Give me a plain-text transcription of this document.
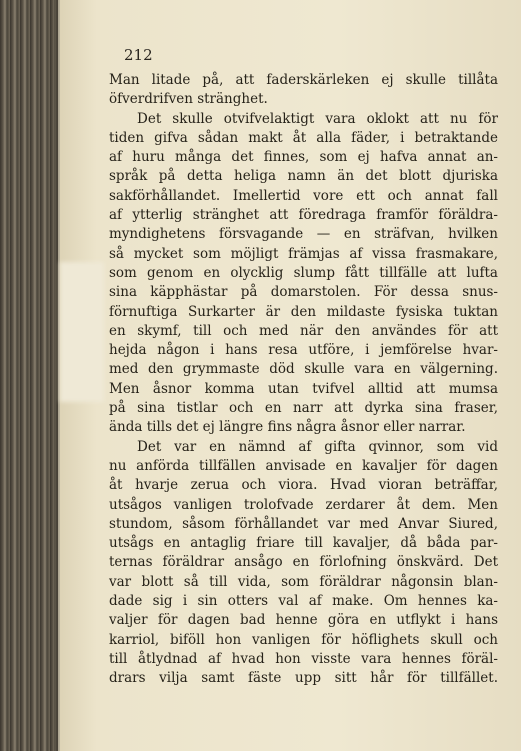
212
Man litade på, att faderskärleken ej skulle tillåta
öfverdrifven stränghet.
Det skulle otvifvelaktigt vara oklokt att nu för
tiden gifva sådan makt åt alla fäder, i betraktande
af huru många det finnes, som ej hafva annat an-
språk på detta heliga namn än det blott djuriska
sakförhållandet. Imellertid vore ett och annat fall
af ytterlig stränghet att föredraga framför föräldra-
myndighetens försvagande — en sträfvan, hvilken
så mycket som möjligt främjas af vissa frasmakare,
som genom en olycklig slump fått tillfälle att lufta
sina käpphästar på domarstolen. För dessa snus-
förnuftiga Surkarter är den mildaste fysiska tuktan
en skymf, till och med när den användes för att
hejda någon i hans resa utföre, i jemförelse hvar-
med den grymmaste död skulle vara en välgerning.
Men åsnor komma utan tvifvel alltid att mumsa
på sina tistlar och en narr att dyrka sina fraser,
ända tills det ej längre fins några åsnor eller narrar.
Det var en nämnd af gifta qvinnor, som vid
nu anförda tillfällen anvisade en kavaljer för dagen
åt hvarje zerua och viora. Hvad vioran beträffar,
utsågos vanligen trolofvade zerdarer åt dem. Men
stundom, såsom förhållandet var med Anvar Siured,
utsågs en antaglig friare till kavaljer, då båda par-
ternas föräldrar ansågo en förlofning önskvärd. Det
var blott så till vida, som föräldrar någonsin blan-
dade sig i sin otters val af make. Om hennes ka-
valjer för dagen bad henne göra en utflykt i hans
karriol, biföll hon vanligen för höflighets skull och
till åtlydnad af hvad hon visste vara hennes föräl-
drars vilja samt fäste upp sitt hår för tillfället.
